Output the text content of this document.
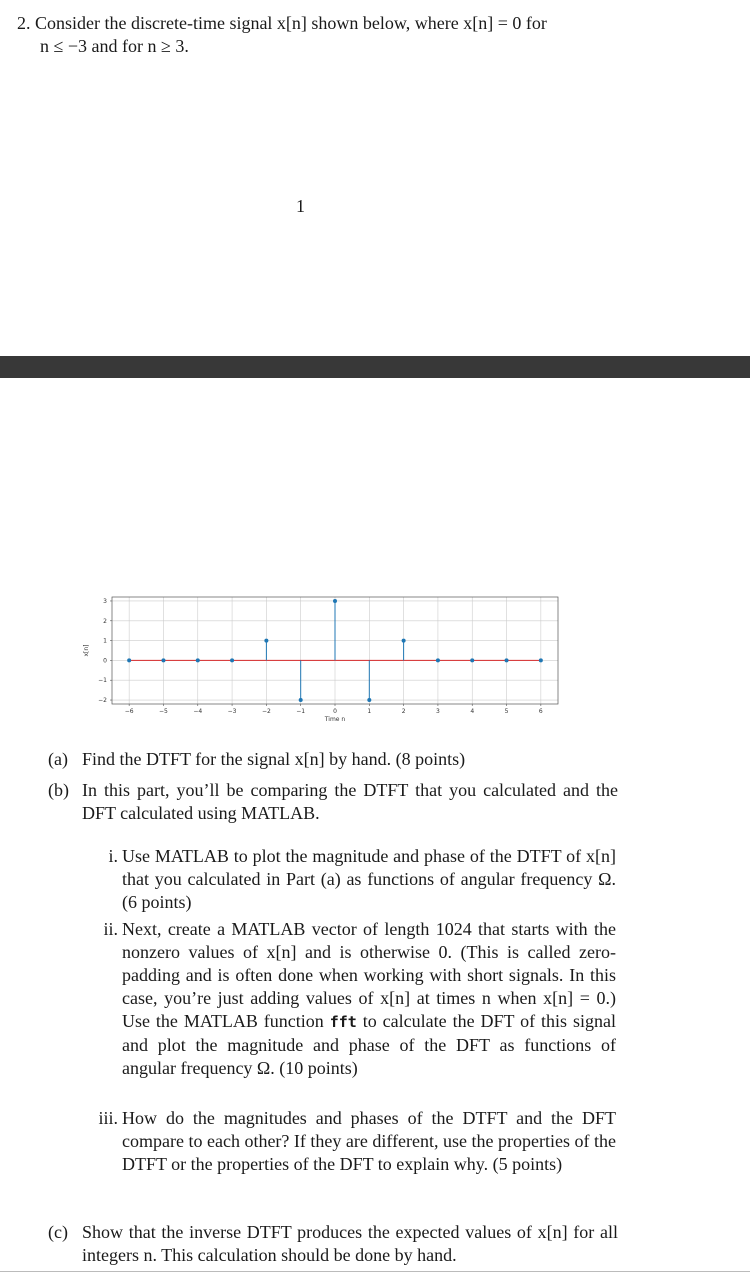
2. Consider the discrete-time signal x[n] shown below, where x[n] = 0 for
n ≤ −3 and for n ≥ 3.
1
−6	−5	−4	−3	−2	−1	0	1	2	3	4	5	6
−2
−1
0
1
2
3
Time n
x[n]
(a) Find the DTFT for the signal x[n] by hand. (8 points)
(b) In this part, you’ll be comparing the DTFT that you calculated and the DFT calculated using MATLAB.
i. Use MATLAB to plot the magnitude and phase of the DTFT of x[n] that you calculated in Part (a) as functions of angular frequency Ω. (6 points)
ii. Next, create a MATLAB vector of length 1024 that starts with the nonzero values of x[n] and is otherwise 0. (This is called zero-padding and is often done when working with short signals. In this case, you’re just adding values of x[n] at times n when x[n] = 0.) Use the MATLAB function fft to calculate the DFT of this signal and plot the magnitude and phase of the DFT as functions of angular frequency Ω. (10 points)
iii. How do the magnitudes and phases of the DTFT and the DFT compare to each other? If they are different, use the properties of the DTFT or the properties of the DFT to explain why. (5 points)
(c) Show that the inverse DTFT produces the expected values of x[n] for all integers n. This calculation should be done by hand.
